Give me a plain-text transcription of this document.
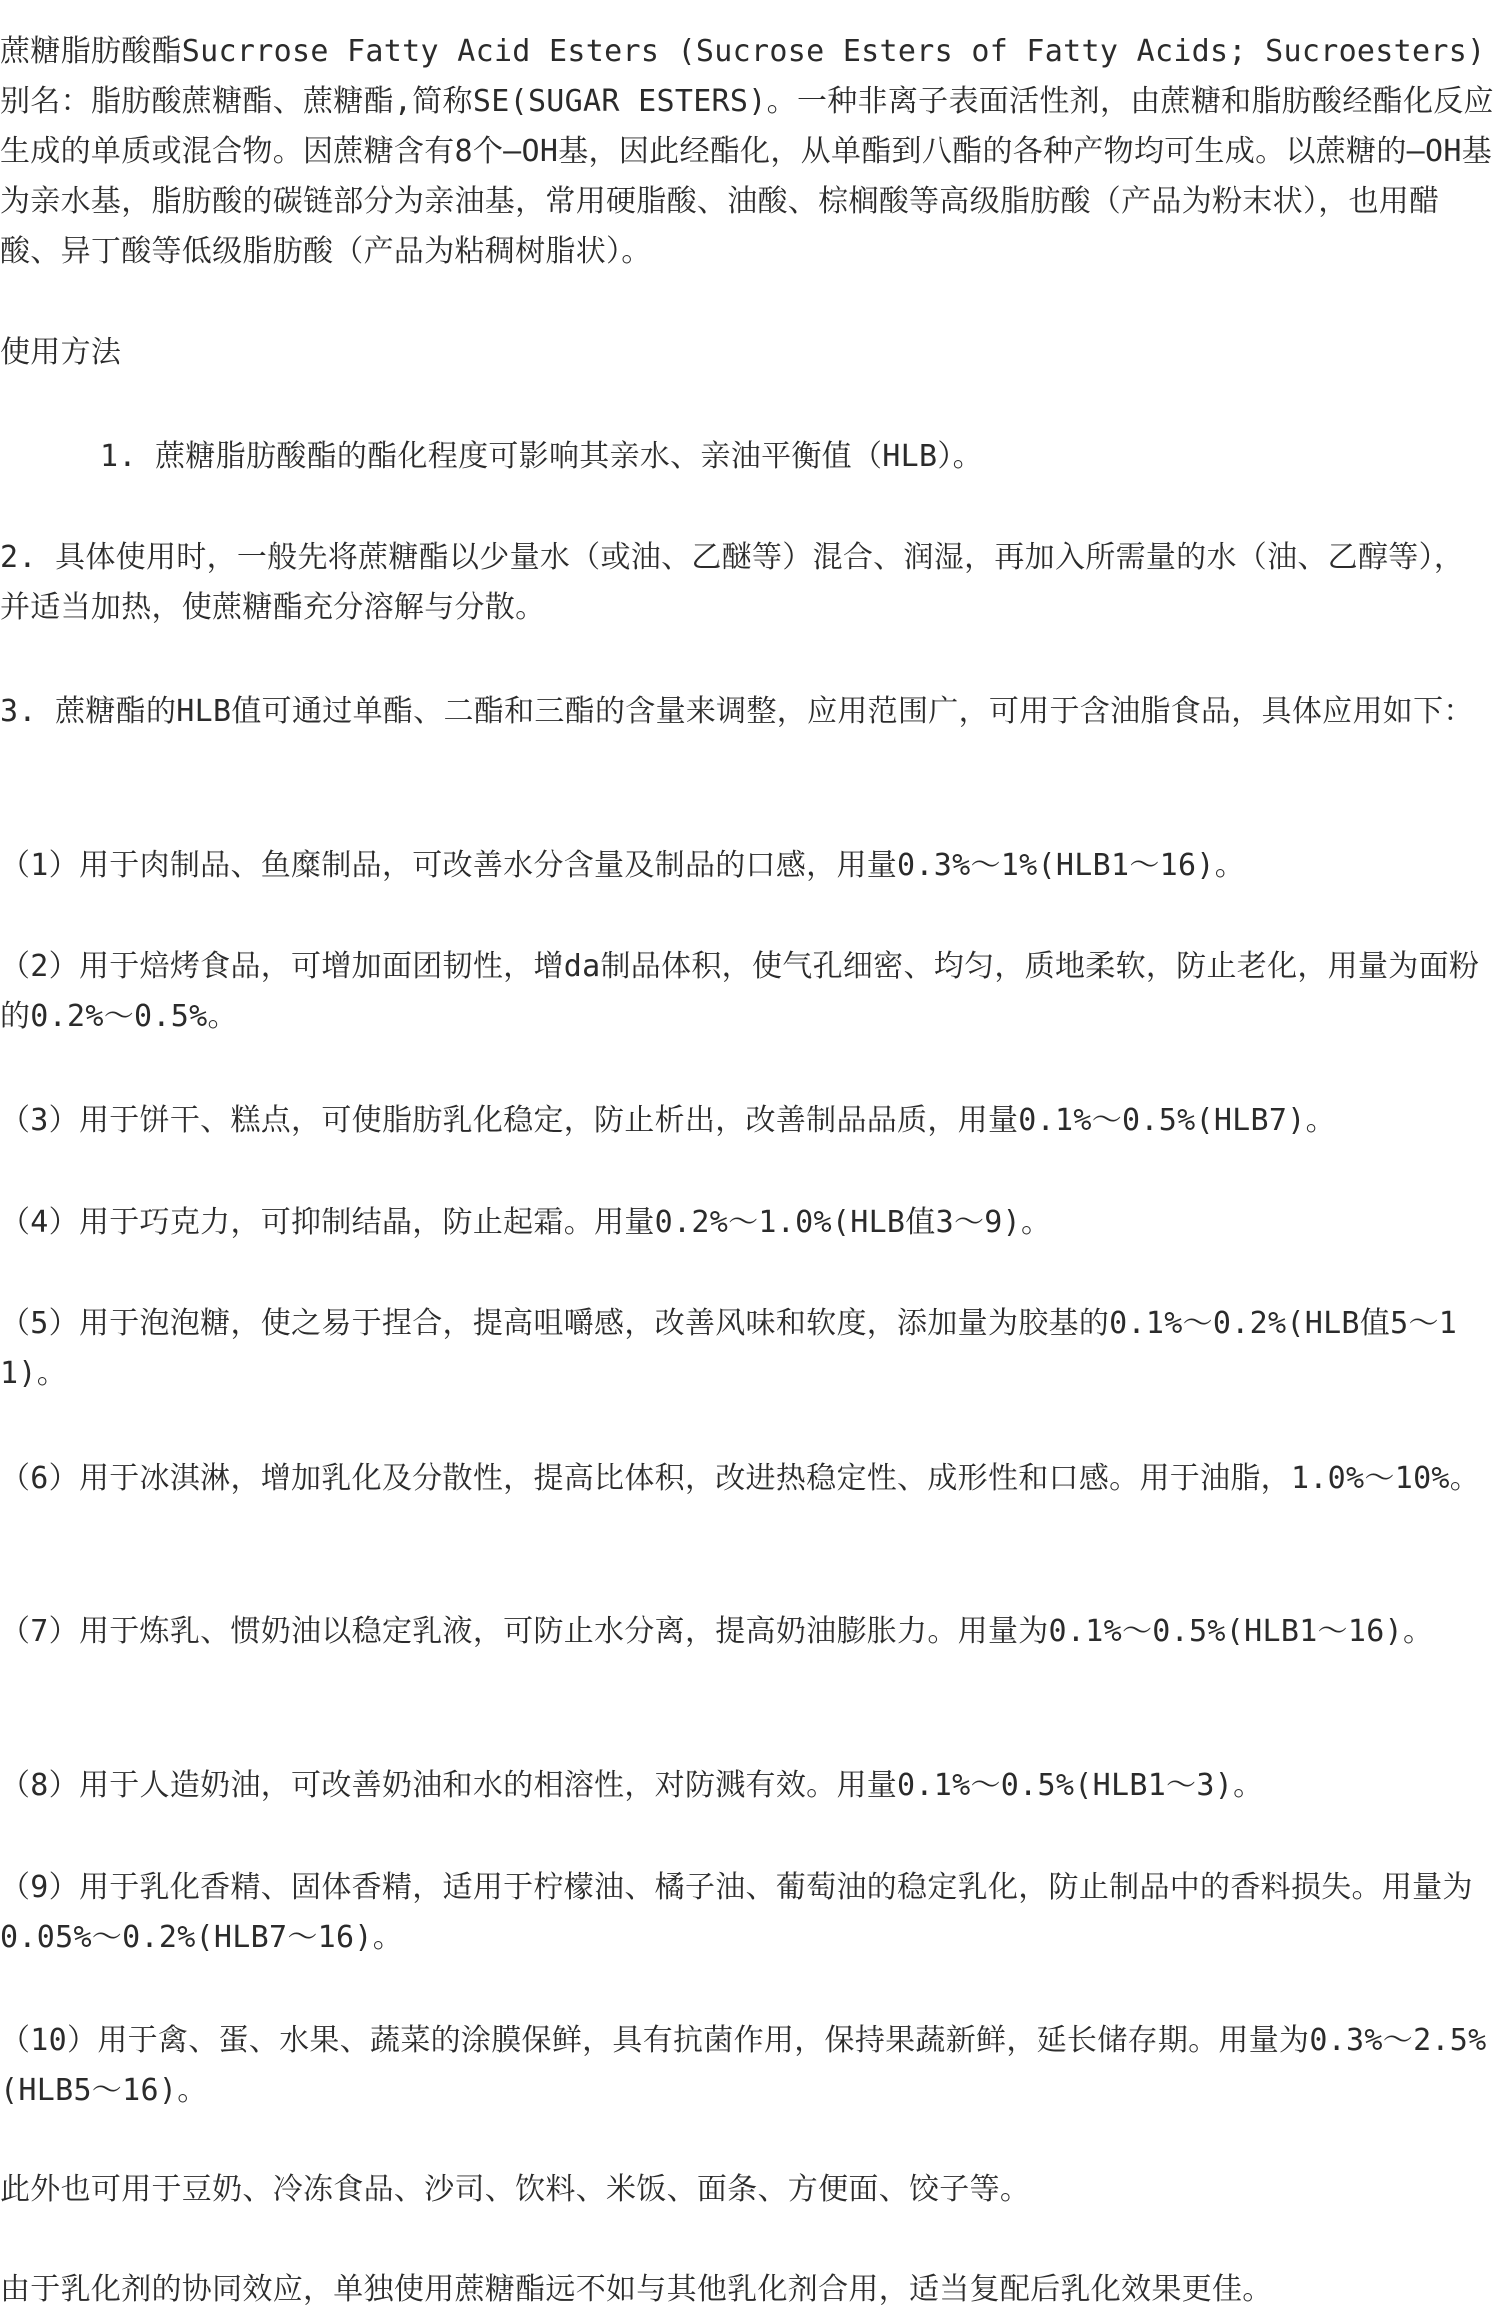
蔗糖脂肪酸酯Sucrrose Fatty Acid Esters (Sucrose Esters of Fatty Acids; Sucroesters)别名：脂肪酸蔗糖酯、蔗糖酯,简称SE(SUGAR ESTERS)。一种非离子表面活性剂，由蔗糖和脂肪酸经酯化反应生成的单质或混合物。因蔗糖含有8个—OH基，因此经酯化，从单酯到八酯的各种产物均可生成。以蔗糖的—OH基为亲水基，脂肪酸的碳链部分为亲油基，常用硬脂酸、油酸、棕榈酸等高级脂肪酸（产品为粉末状），也用醋酸、异丁酸等低级脂肪酸（产品为粘稠树脂状）。

使用方法

1. 蔗糖脂肪酸酯的酯化程度可影响其亲水、亲油平衡值（HLB）。

2. 具体使用时，一般先将蔗糖酯以少量水（或油、乙醚等）混合、润湿，再加入所需量的水（油、乙醇等），并适当加热，使蔗糖酯充分溶解与分散。

3. 蔗糖酯的HLB值可通过单酯、二酯和三酯的含量来调整，应用范围广，可用于含油脂食品，具体应用如下：

（1）用于肉制品、鱼糜制品，可改善水分含量及制品的口感，用量0.3%～1%(HLB1～16)。

（2）用于焙烤食品，可增加面团韧性，增da制品体积，使气孔细密、均匀，质地柔软，防止老化，用量为面粉的0.2%～0.5%。

（3）用于饼干、糕点，可使脂肪乳化稳定，防止析出，改善制品品质，用量0.1%～0.5%(HLB7)。

（4）用于巧克力，可抑制结晶，防止起霜。用量0.2%～1.0%(HLB值3～9)。

（5）用于泡泡糖，使之易于捏合，提高咀嚼感，改善风味和软度，添加量为胶基的0.1%～0.2%(HLB值5～11)。

（6）用于冰淇淋，增加乳化及分散性，提高比体积，改进热稳定性、成形性和口感。用于油脂，1.0%～10%。

（7）用于炼乳、惯奶油以稳定乳液，可防止水分离，提高奶油膨胀力。用量为0.1%～0.5%(HLB1～16)。

（8）用于人造奶油，可改善奶油和水的相溶性，对防溅有效。用量0.1%～0.5%(HLB1～3)。

（9）用于乳化香精、固体香精，适用于柠檬油、橘子油、葡萄油的稳定乳化，防止制品中的香料损失。用量为0.05%～0.2%(HLB7～16)。

（10）用于禽、蛋、水果、蔬菜的涂膜保鲜，具有抗菌作用，保持果蔬新鲜，延长储存期。用量为0.3%～2.5%(HLB5～16)。

此外也可用于豆奶、冷冻食品、沙司、饮料、米饭、面条、方便面、饺子等。

由于乳化剂的协同效应，单独使用蔗糖酯远不如与其他乳化剂合用，适当复配后乳化效果更佳。
